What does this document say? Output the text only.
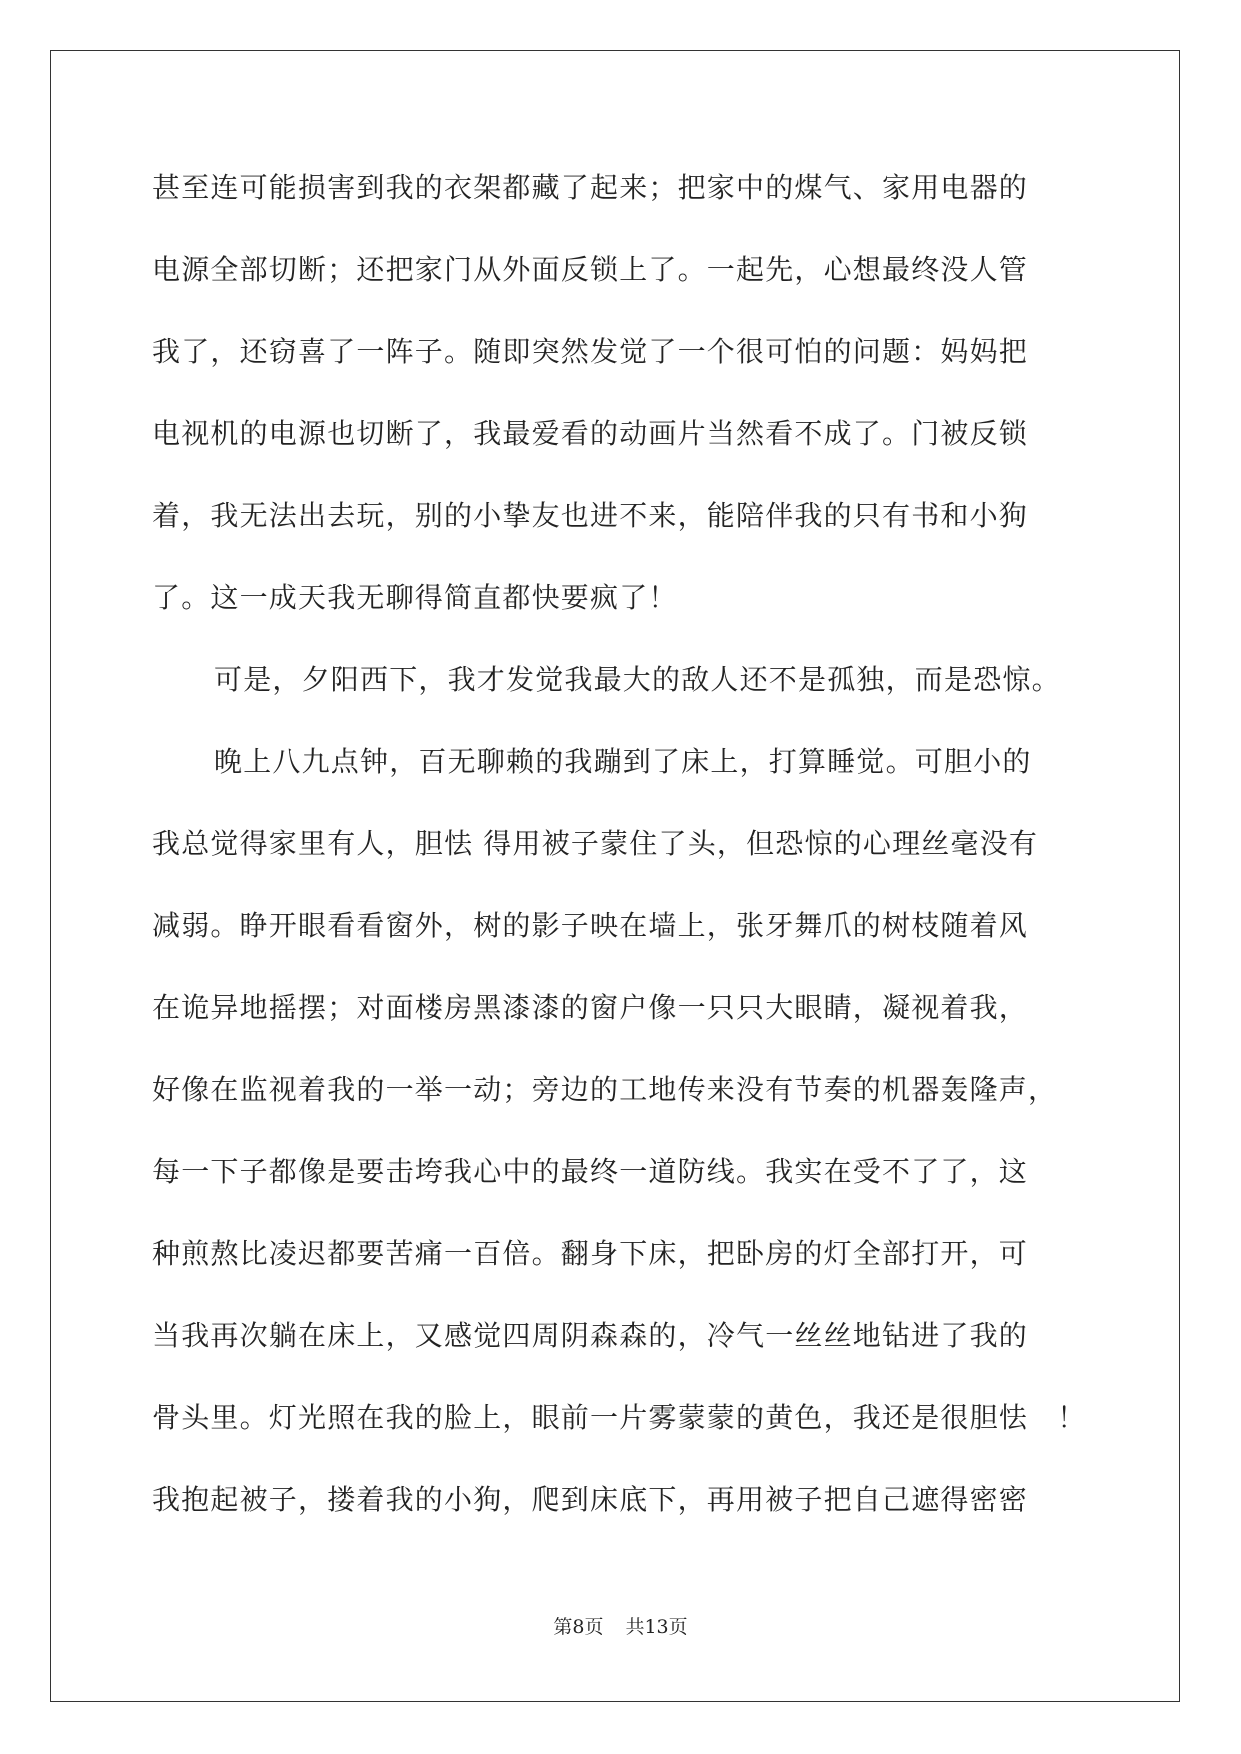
甚至连可能损害到我的衣架都藏了起来；把家中的煤气、家用电器的
电源全部切断；还把家门从外面反锁上了。一起先，心想最终没人管
我了，还窃喜了一阵子。随即突然发觉了一个很可怕的问题：妈妈把
电视机的电源也切断了，我最爱看的动画片当然看不成了。门被反锁
着，我无法出去玩，别的小挚友也进不来，能陪伴我的只有书和小狗
了。这一成天我无聊得简直都快要疯了！
可是，夕阳西下，我才发觉我最大的敌人还不是孤独，而是恐惊。
晚上八九点钟，百无聊赖的我蹦到了床上，打算睡觉。可胆小的
我总觉得家里有人，胆怯 得用被子蒙住了头，但恐惊的心理丝毫没有
减弱。睁开眼看看窗外，树的影子映在墙上，张牙舞爪的树枝随着风
在诡异地摇摆；对面楼房黑漆漆的窗户像一只只大眼睛，凝视着我，
好像在监视着我的一举一动；旁边的工地传来没有节奏的机器轰隆声，
每一下子都像是要击垮我心中的最终一道防线。我实在受不了了，这
种煎熬比凌迟都要苦痛一百倍。翻身下床，把卧房的灯全部打开，可
当我再次躺在床上，又感觉四周阴森森的，冷气一丝丝地钻进了我的
骨头里。灯光照在我的脸上，眼前一片雾蒙蒙的黄色，我还是很胆怯　！
我抱起被子，搂着我的小狗，爬到床底下，再用被子把自己遮得密密
第8页 共13页
